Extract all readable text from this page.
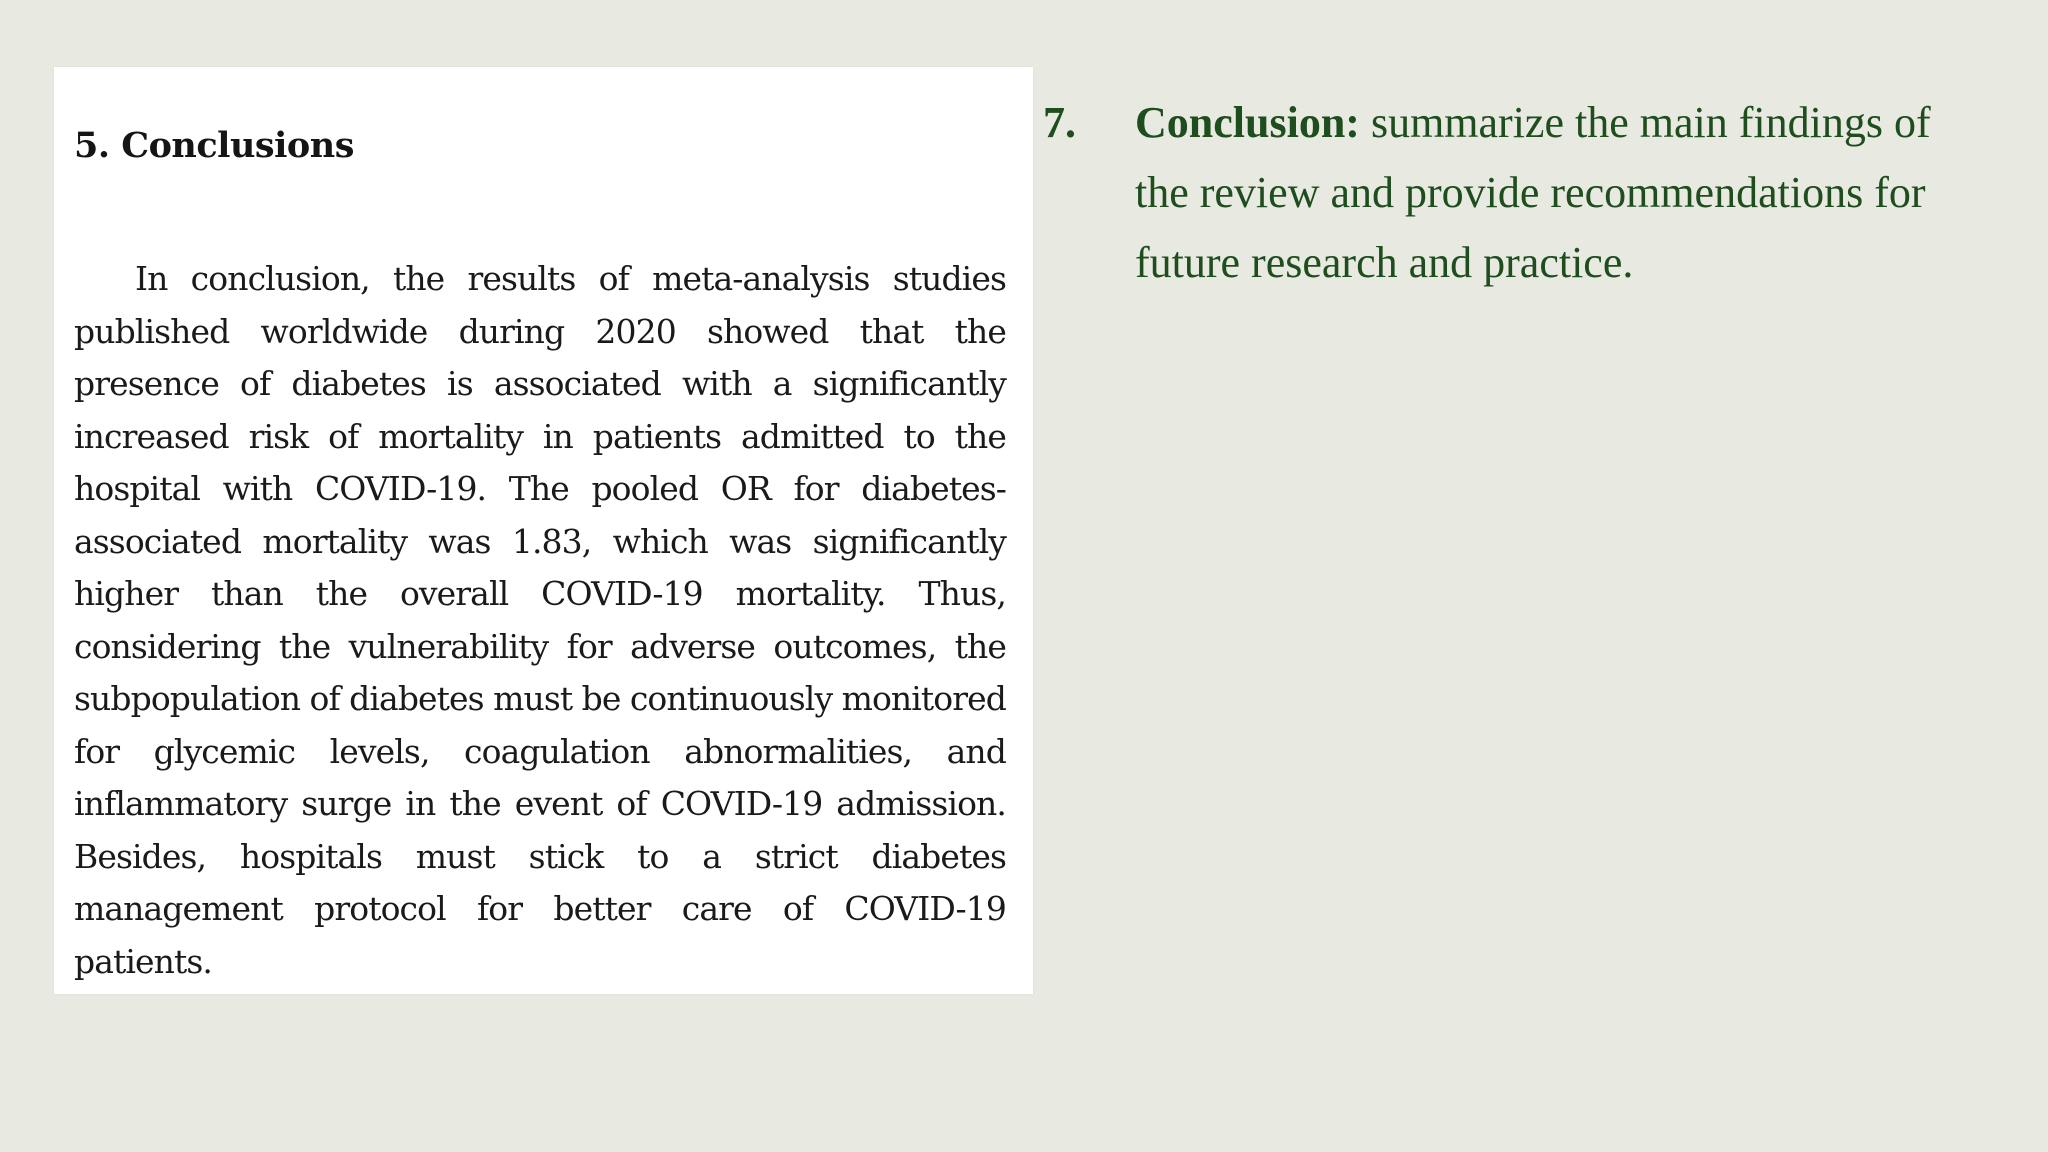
5. Conclusions

In conclusion, the results of meta-analysis studies published worldwide during 2020 showed that the presence of diabetes is associated with a significantly increased risk of mortality in patients admitted to the hospital with COVID-19. The pooled OR for diabetes-associated mortality was 1.83, which was significantly higher than the overall COVID-19 mortality. Thus, considering the vulnerability for adverse outcomes, the subpopulation of diabetes must be continuously monitored for glycemic levels, coagulation abnormalities, and inflammatory surge in the event of COVID-19 admission. Besides, hospitals must stick to a strict diabetes management protocol for better care of COVID-19 patients.

7. Conclusion: summarize the main findings of the review and provide recommendations for future research and practice.
